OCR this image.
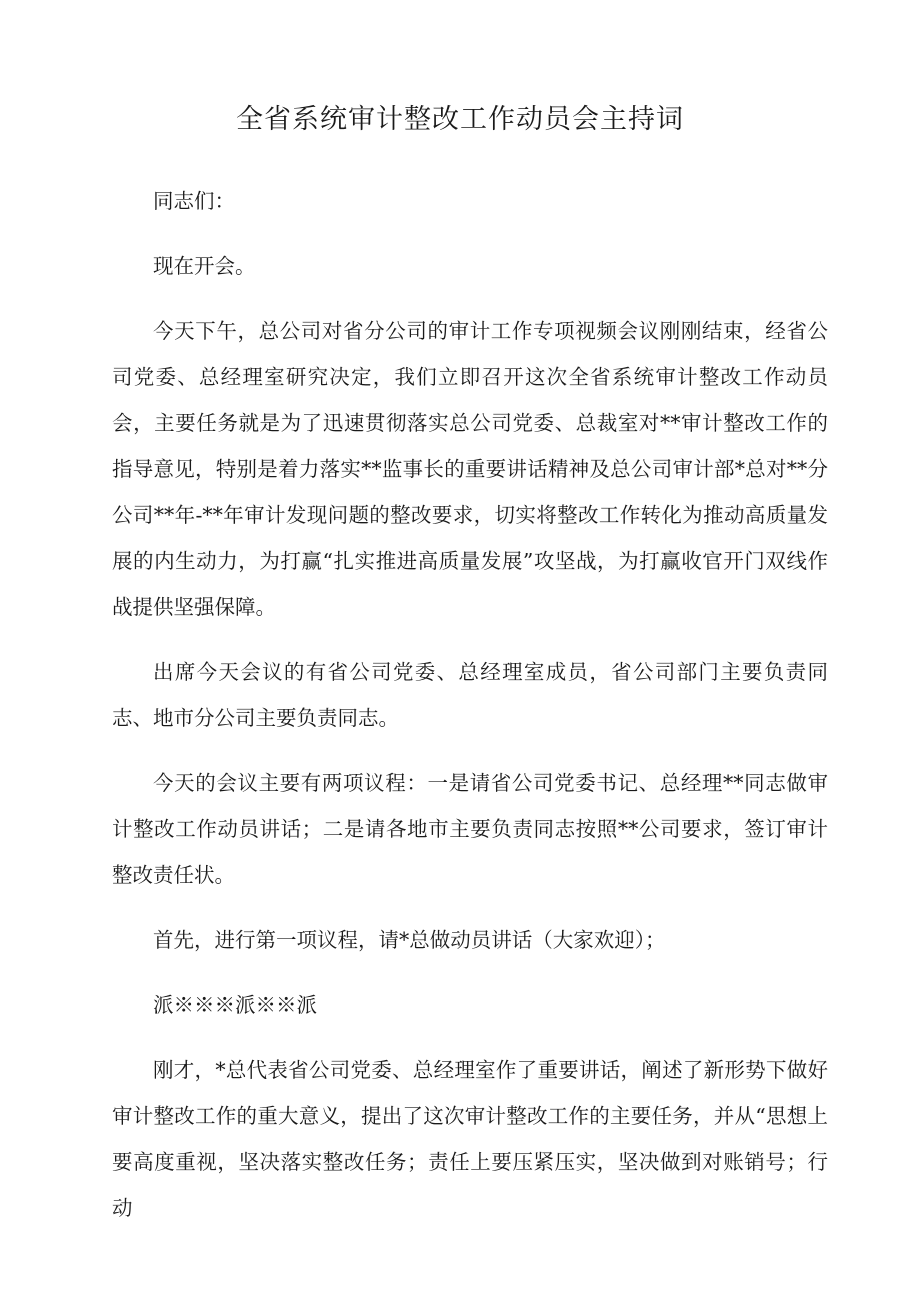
全省系统审计整改工作动员会主持词

同志们：

现在开会。

今天下午，总公司对省分公司的审计工作专项视频会议刚刚结束，经省公司党委、总经理室研究决定，我们立即召开这次全省系统审计整改工作动员会，主要任务就是为了迅速贯彻落实总公司党委、总裁室对**审计整改工作的指导意见，特别是着力落实**监事长的重要讲话精神及总公司审计部*总对**分公司**年-**年审计发现问题的整改要求，切实将整改工作转化为推动高质量发展的内生动力，为打赢“扎实推进高质量发展”攻坚战，为打赢收官开门双线作战提供坚强保障。

出席今天会议的有省公司党委、总经理室成员，省公司部门主要负责同志、地市分公司主要负责同志。

今天的会议主要有两项议程：一是请省公司党委书记、总经理**同志做审计整改工作动员讲话；二是请各地市主要负责同志按照**公司要求，签订审计整改责任状。

首先，进行第一项议程，请*总做动员讲话（大家欢迎）；

派※※※派※※派

刚才，*总代表省公司党委、总经理室作了重要讲话，阐述了新形势下做好审计整改工作的重大意义，提出了这次审计整改工作的主要任务，并从“思想上要高度重视，坚决落实整改任务；责任上要压紧压实，坚决做到对账销号；行动
